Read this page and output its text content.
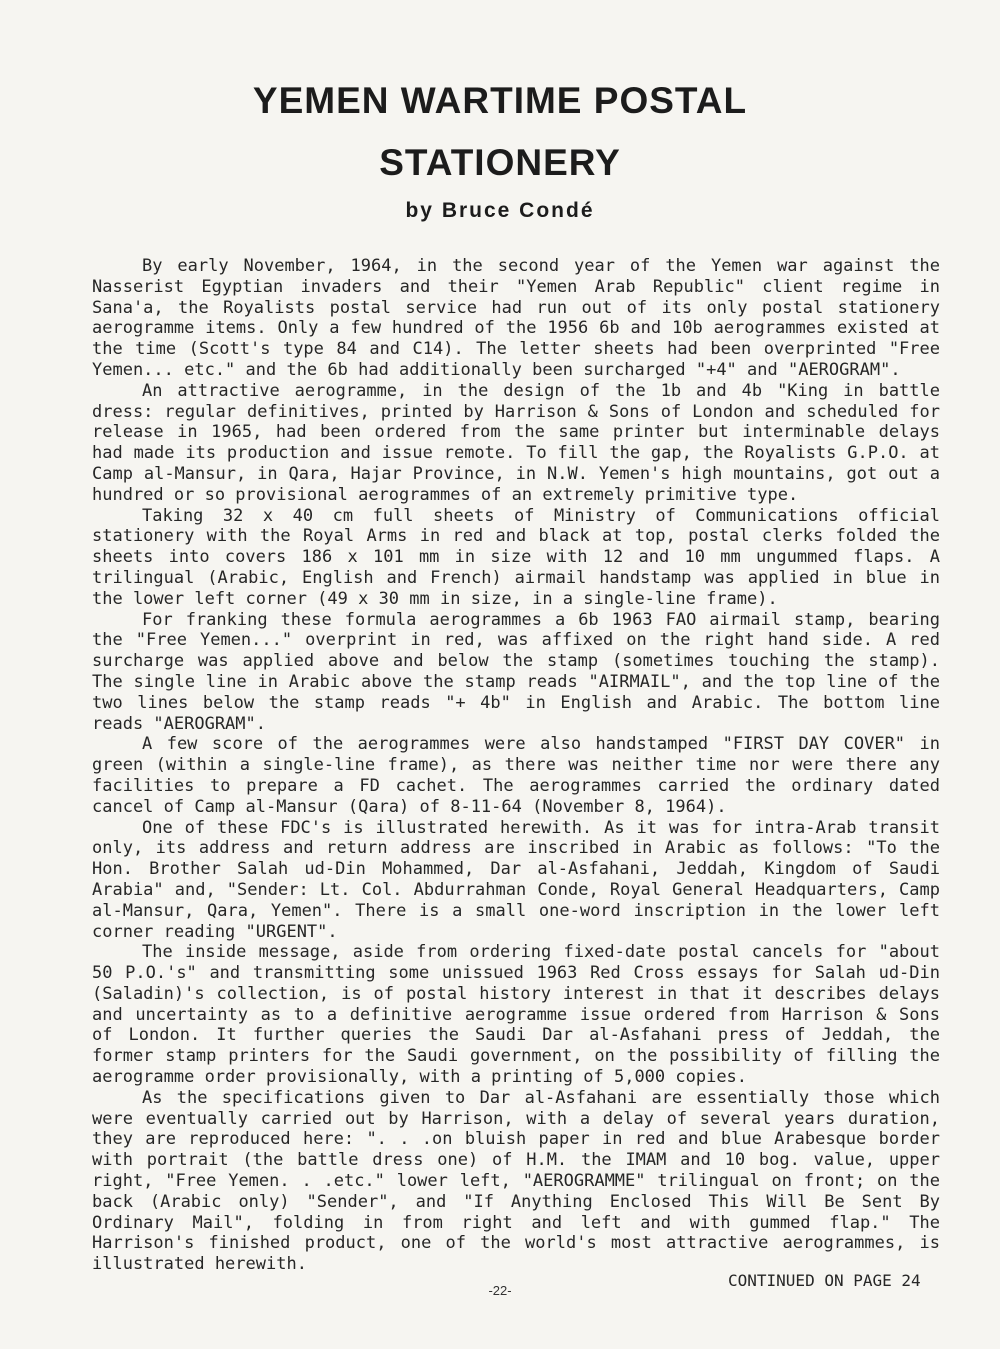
YEMEN WARTIME POSTAL
STATIONERY
by Bruce Condé

By early November, 1964, in the second year of the Yemen war against the Nasserist Egyptian invaders and their "Yemen Arab Republic" client regime in Sana'a, the Royalists postal service had run out of its only postal stationery aerogramme items. Only a few hundred of the 1956 6b and 10b aerogrammes existed at the time (Scott's type 84 and C14). The letter sheets had been overprinted "Free Yemen... etc." and the 6b had additionally been surcharged "+4" and "AEROGRAM".

An attractive aerogramme, in the design of the 1b and 4b "King in battle dress: regular definitives, printed by Harrison & Sons of London and scheduled for release in 1965, had been ordered from the same printer but interminable delays had made its production and issue remote. To fill the gap, the Royalists G.P.O. at Camp al-Mansur, in Qara, Hajar Province, in N.W. Yemen's high mountains, got out a hundred or so provisional aerogrammes of an extremely primitive type.

Taking 32 x 40 cm full sheets of Ministry of Communications official stationery with the Royal Arms in red and black at top, postal clerks folded the sheets into covers 186 x 101 mm in size with 12 and 10 mm ungummed flaps. A trilingual (Arabic, English and French) airmail handstamp was applied in blue in the lower left corner (49 x 30 mm in size, in a single-line frame).

For franking these formula aerogrammes a 6b 1963 FAO airmail stamp, bearing the "Free Yemen..." overprint in red, was affixed on the right hand side. A red surcharge was applied above and below the stamp (sometimes touching the stamp). The single line in Arabic above the stamp reads "AIRMAIL", and the top line of the two lines below the stamp reads "+ 4b" in English and Arabic. The bottom line reads "AEROGRAM".

A few score of the aerogrammes were also handstamped "FIRST DAY COVER" in green (within a single-line frame), as there was neither time nor were there any facilities to prepare a FD cachet. The aerogrammes carried the ordinary dated cancel of Camp al-Mansur (Qara) of 8-11-64 (November 8, 1964).

One of these FDC's is illustrated herewith. As it was for intra-Arab transit only, its address and return address are inscribed in Arabic as follows: "To the Hon. Brother Salah ud-Din Mohammed, Dar al-Asfahani, Jeddah, Kingdom of Saudi Arabia" and, "Sender: Lt. Col. Abdurrahman Conde, Royal General Headquarters, Camp al-Mansur, Qara, Yemen". There is a small one-word inscription in the lower left corner reading "URGENT".

The inside message, aside from ordering fixed-date postal cancels for "about 50 P.O.'s" and transmitting some unissued 1963 Red Cross essays for Salah ud-Din (Saladin)'s collection, is of postal history interest in that it describes delays and uncertainty as to a definitive aerogramme issue ordered from Harrison & Sons of London. It further queries the Saudi Dar al-Asfahani press of Jeddah, the former stamp printers for the Saudi government, on the possibility of filling the aerogramme order provisionally, with a printing of 5,000 copies.

As the specifications given to Dar al-Asfahani are essentially those which were eventually carried out by Harrison, with a delay of several years duration, they are reproduced here: ". . .on bluish paper in red and blue Arabesque border with portrait (the battle dress one) of H.M. the IMAM and 10 bog. value, upper right, "Free Yemen. . .etc." lower left, "AEROGRAMME" trilingual on front; on the back (Arabic only) "Sender", and "If Anything Enclosed This Will Be Sent By Ordinary Mail", folding in from right and left and with gummed flap." The Harrison's finished product, one of the world's most attractive aerogrammes, is illustrated herewith.

-22-
CONTINUED ON PAGE 24
